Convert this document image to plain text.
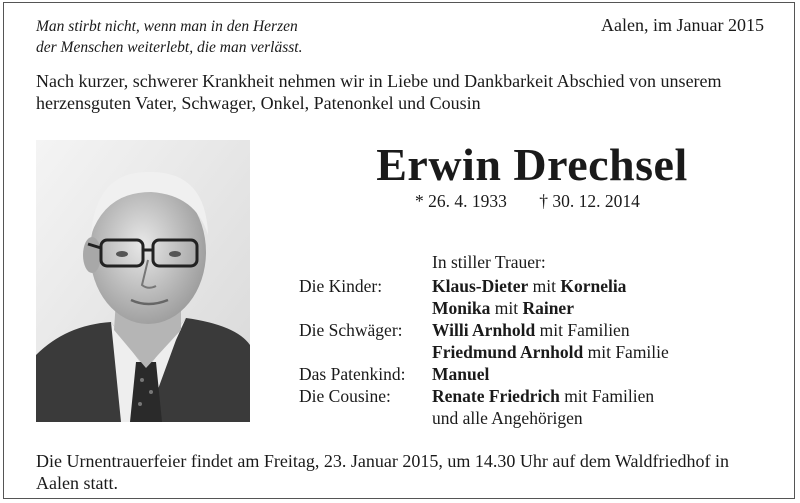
Man stirbt nicht, wenn man in den Herzen
der Menschen weiterlebt, die man verlässt.
Aalen, im Januar 2015
Nach kurzer, schwerer Krankheit nehmen wir in Liebe und Dankbarkeit Abschied von unserem herzensguten Vater, Schwager, Onkel, Patenonkel und Cousin
Erwin Drechsel
* 26. 4. 1933 † 30. 12. 2014
In stiller Trauer:
Die Kinder:	Klaus-Dieter mit Kornelia
Monika mit Rainer
Die Schwäger:	Willi Arnhold mit Familien
Friedmund Arnhold mit Familie
Das Patenkind:	Manuel
Die Cousine:	Renate Friedrich mit Familien
und alle Angehörigen
Die Urnentrauerfeier findet am Freitag, 23. Januar 2015, um 14.30 Uhr auf dem Waldfriedhof in Aalen statt.
